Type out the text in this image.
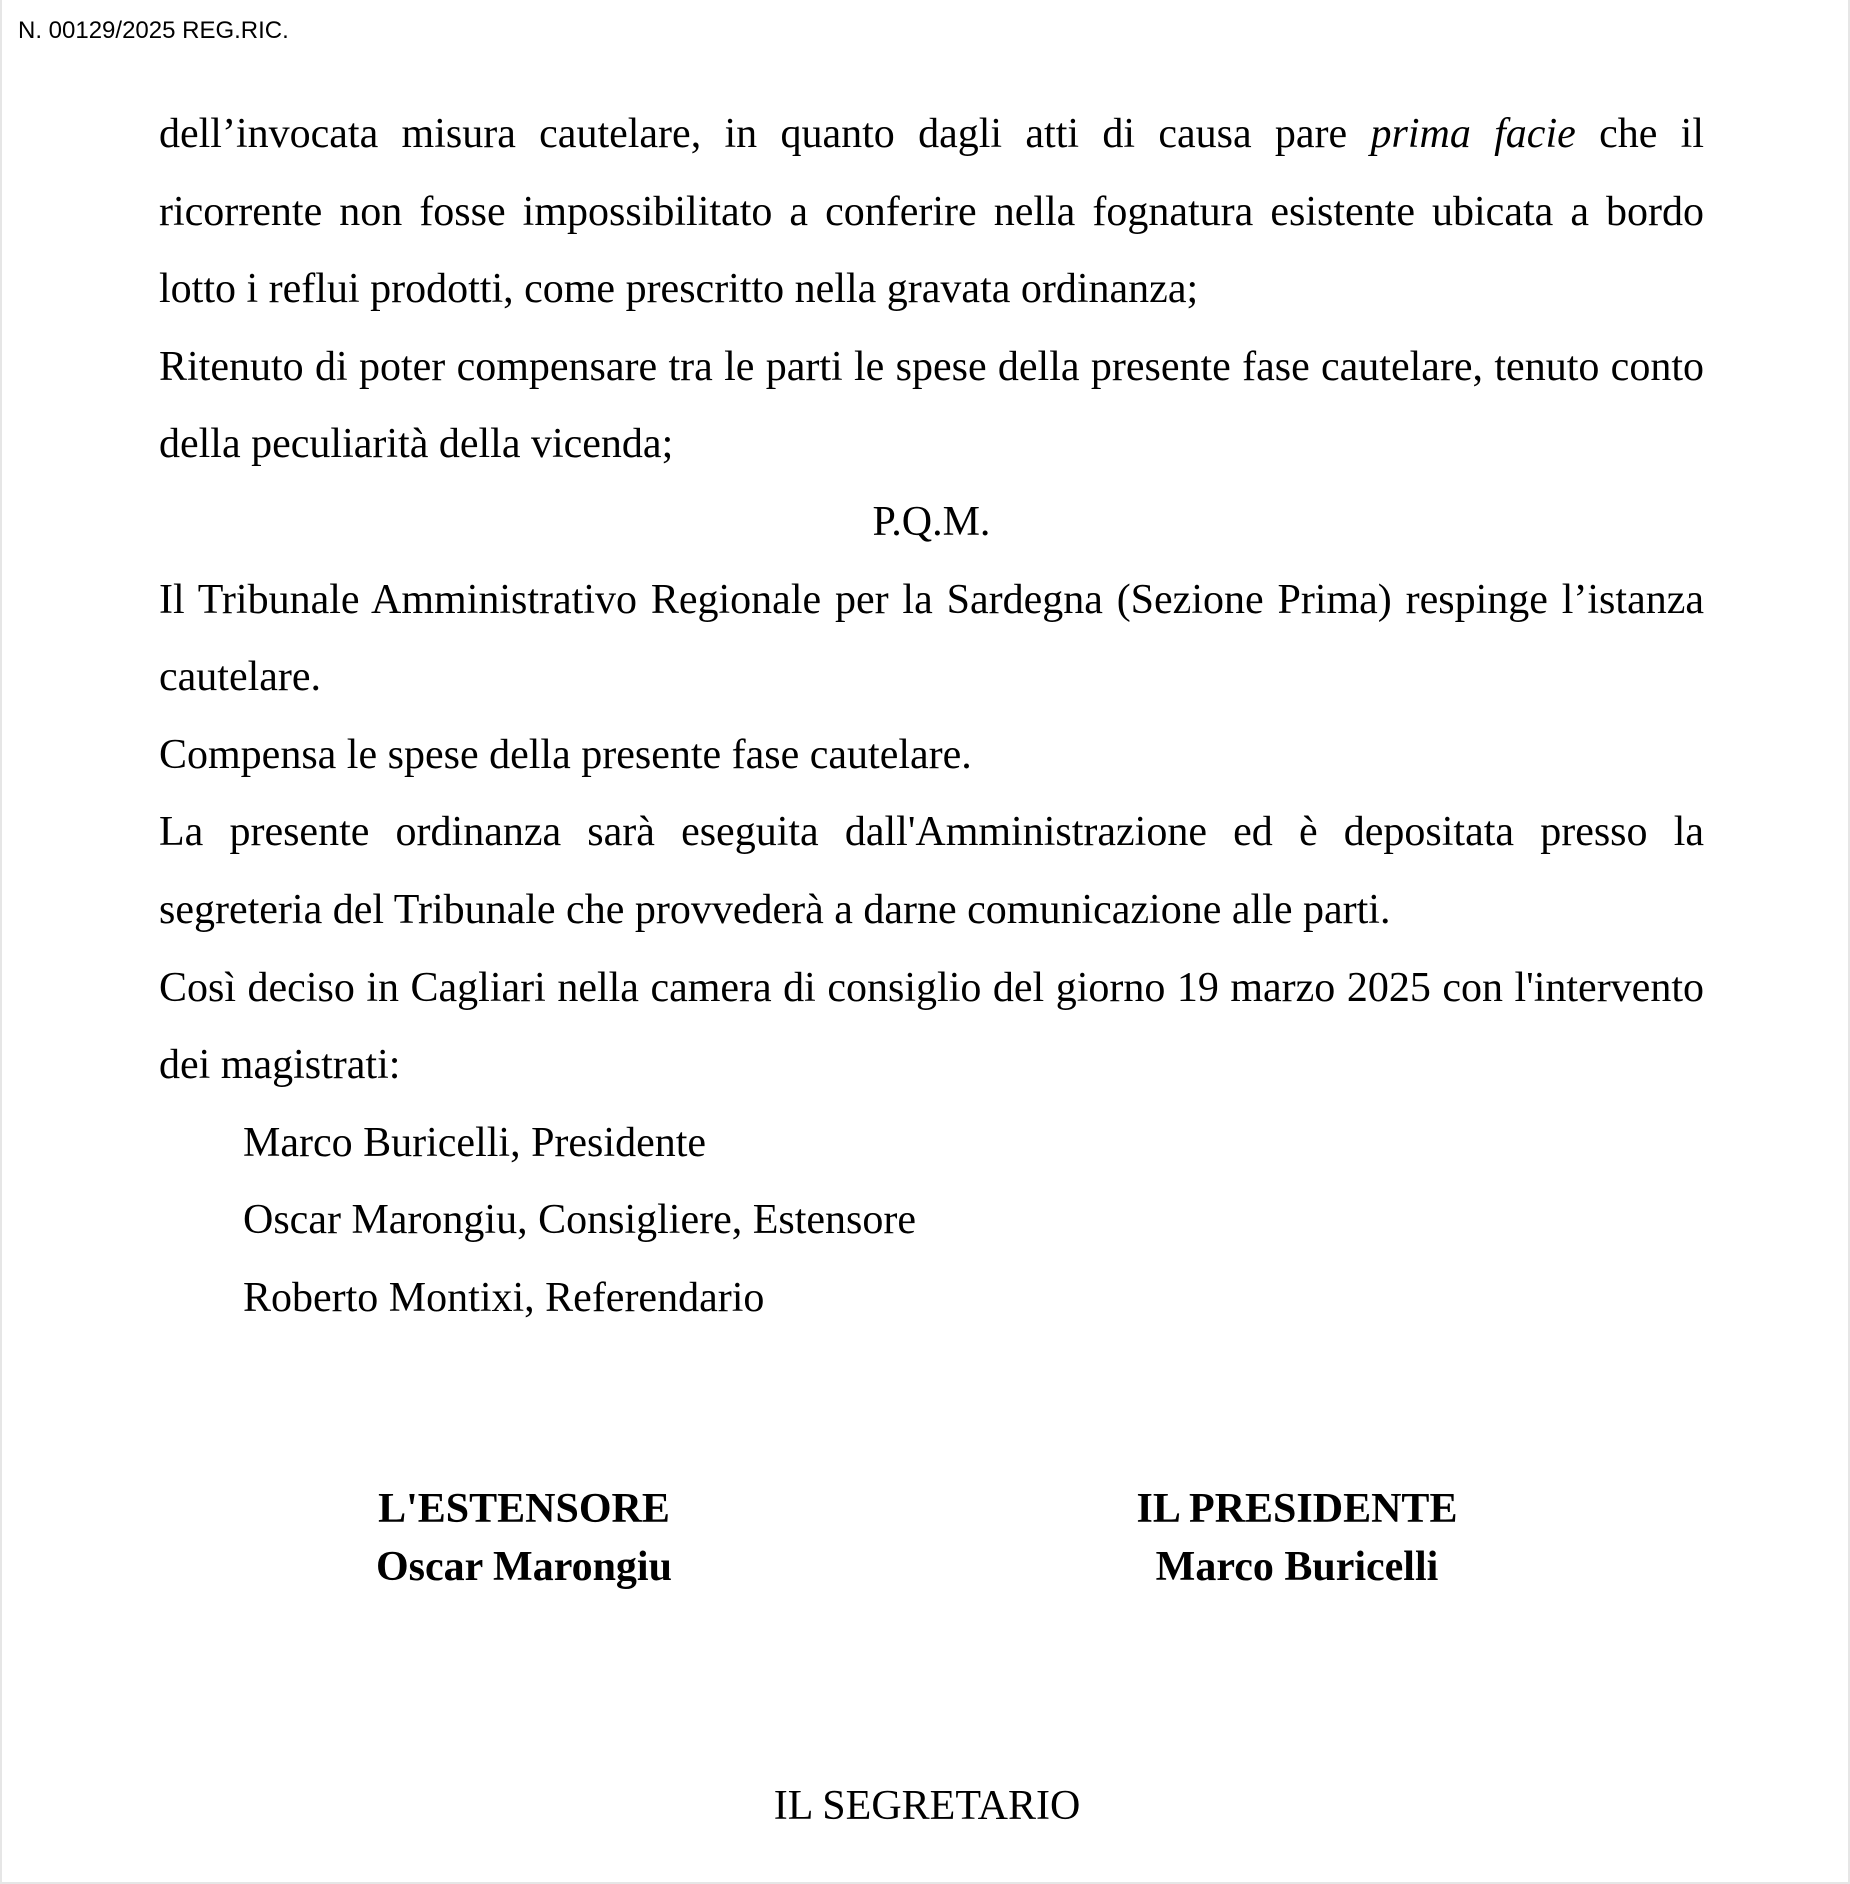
N. 00129/2025 REG.RIC.

dell’invocata misura cautelare, in quanto dagli atti di causa pare prima facie che il ricorrente non fosse impossibilitato a conferire nella fognatura esistente ubicata a bordo lotto i reflui prodotti, come prescritto nella gravata ordinanza;

Ritenuto di poter compensare tra le parti le spese della presente fase cautelare, tenuto conto della peculiarità della vicenda;

P.Q.M.

Il Tribunale Amministrativo Regionale per la Sardegna (Sezione Prima) respinge l’istanza cautelare.

Compensa le spese della presente fase cautelare.

La presente ordinanza sarà eseguita dall'Amministrazione ed è depositata presso la segreteria del Tribunale che provvederà a darne comunicazione alle parti.

Così deciso in Cagliari nella camera di consiglio del giorno 19 marzo 2025 con l'intervento dei magistrati:

Marco Buricelli, Presidente

Oscar Marongiu, Consigliere, Estensore

Roberto Montixi, Referendario

L'ESTENSORE
Oscar Marongiu
IL PRESIDENTE
Marco Buricelli
IL SEGRETARIO
